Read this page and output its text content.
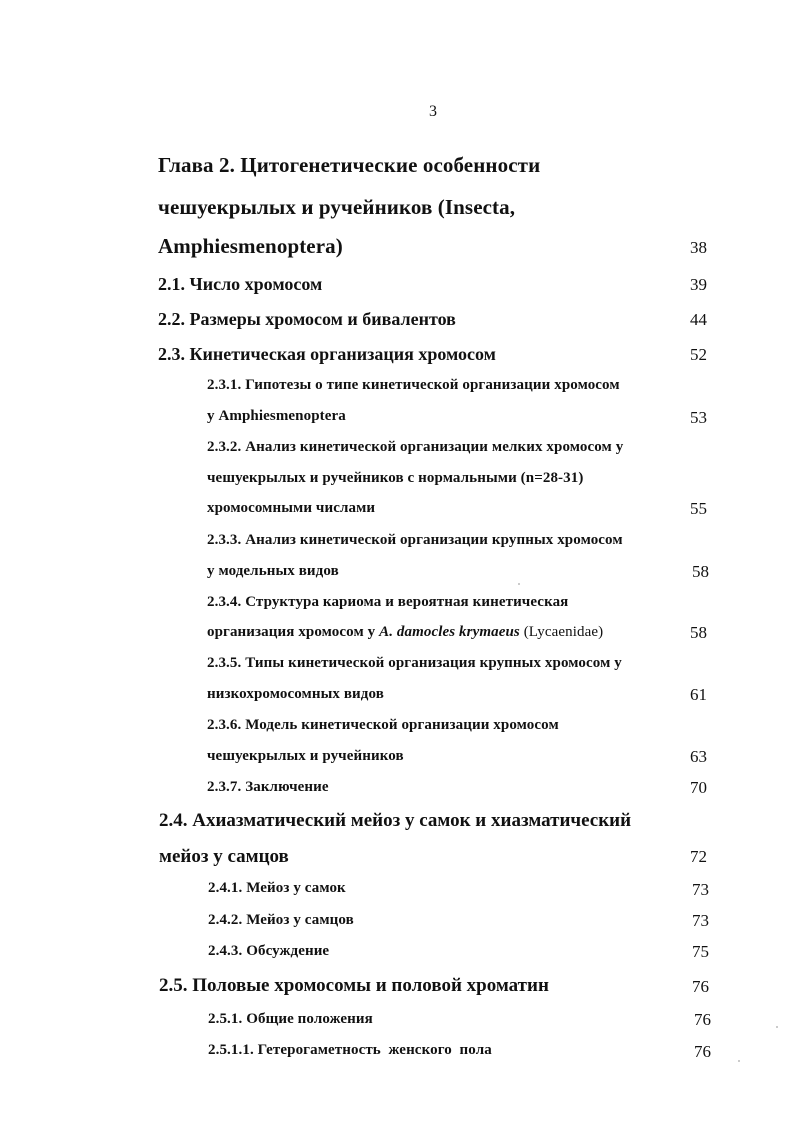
3
Глава 2. Цитогенетические особенности
чешуекрылых и ручейников (Insecta,
Amphiesmenoptera)	38
2.1. Число хромосом	39
2.2. Размеры хромосом и бивалентов	44
2.3. Кинетическая организация хромосом	52
2.3.1. Гипотезы о типе кинетической организации хромосом
у Amphiesmenoptera	53
2.3.2. Анализ кинетической организации мелких хромосом у
чешуекрылых и ручейников с нормальными (n=28-31)
хромосомными числами	55
2.3.3. Анализ кинетической организации крупных хромосом
у модельных видов	58
2.3.4. Структура кариома и вероятная кинетическая
организация хромосом у A. damocles krymaeus (Lycaenidae)	58
2.3.5. Типы кинетической организация крупных хромосом у
низкохромосомных видов	61
2.3.6. Модель кинетической организации хромосом
чешуекрылых и ручейников	63
2.3.7. Заключение	70
2.4. Ахиазматический мейоз у самок и хиазматический
мейоз у самцов	72
2.4.1. Мейоз у самок	73
2.4.2. Мейоз у самцов	73
2.4.3. Обсуждение	75
2.5. Половые хромосомы и половой хроматин	76
2.5.1. Общие положения	76
2.5.1.1. Гетерогаметность  женского  пола	76
